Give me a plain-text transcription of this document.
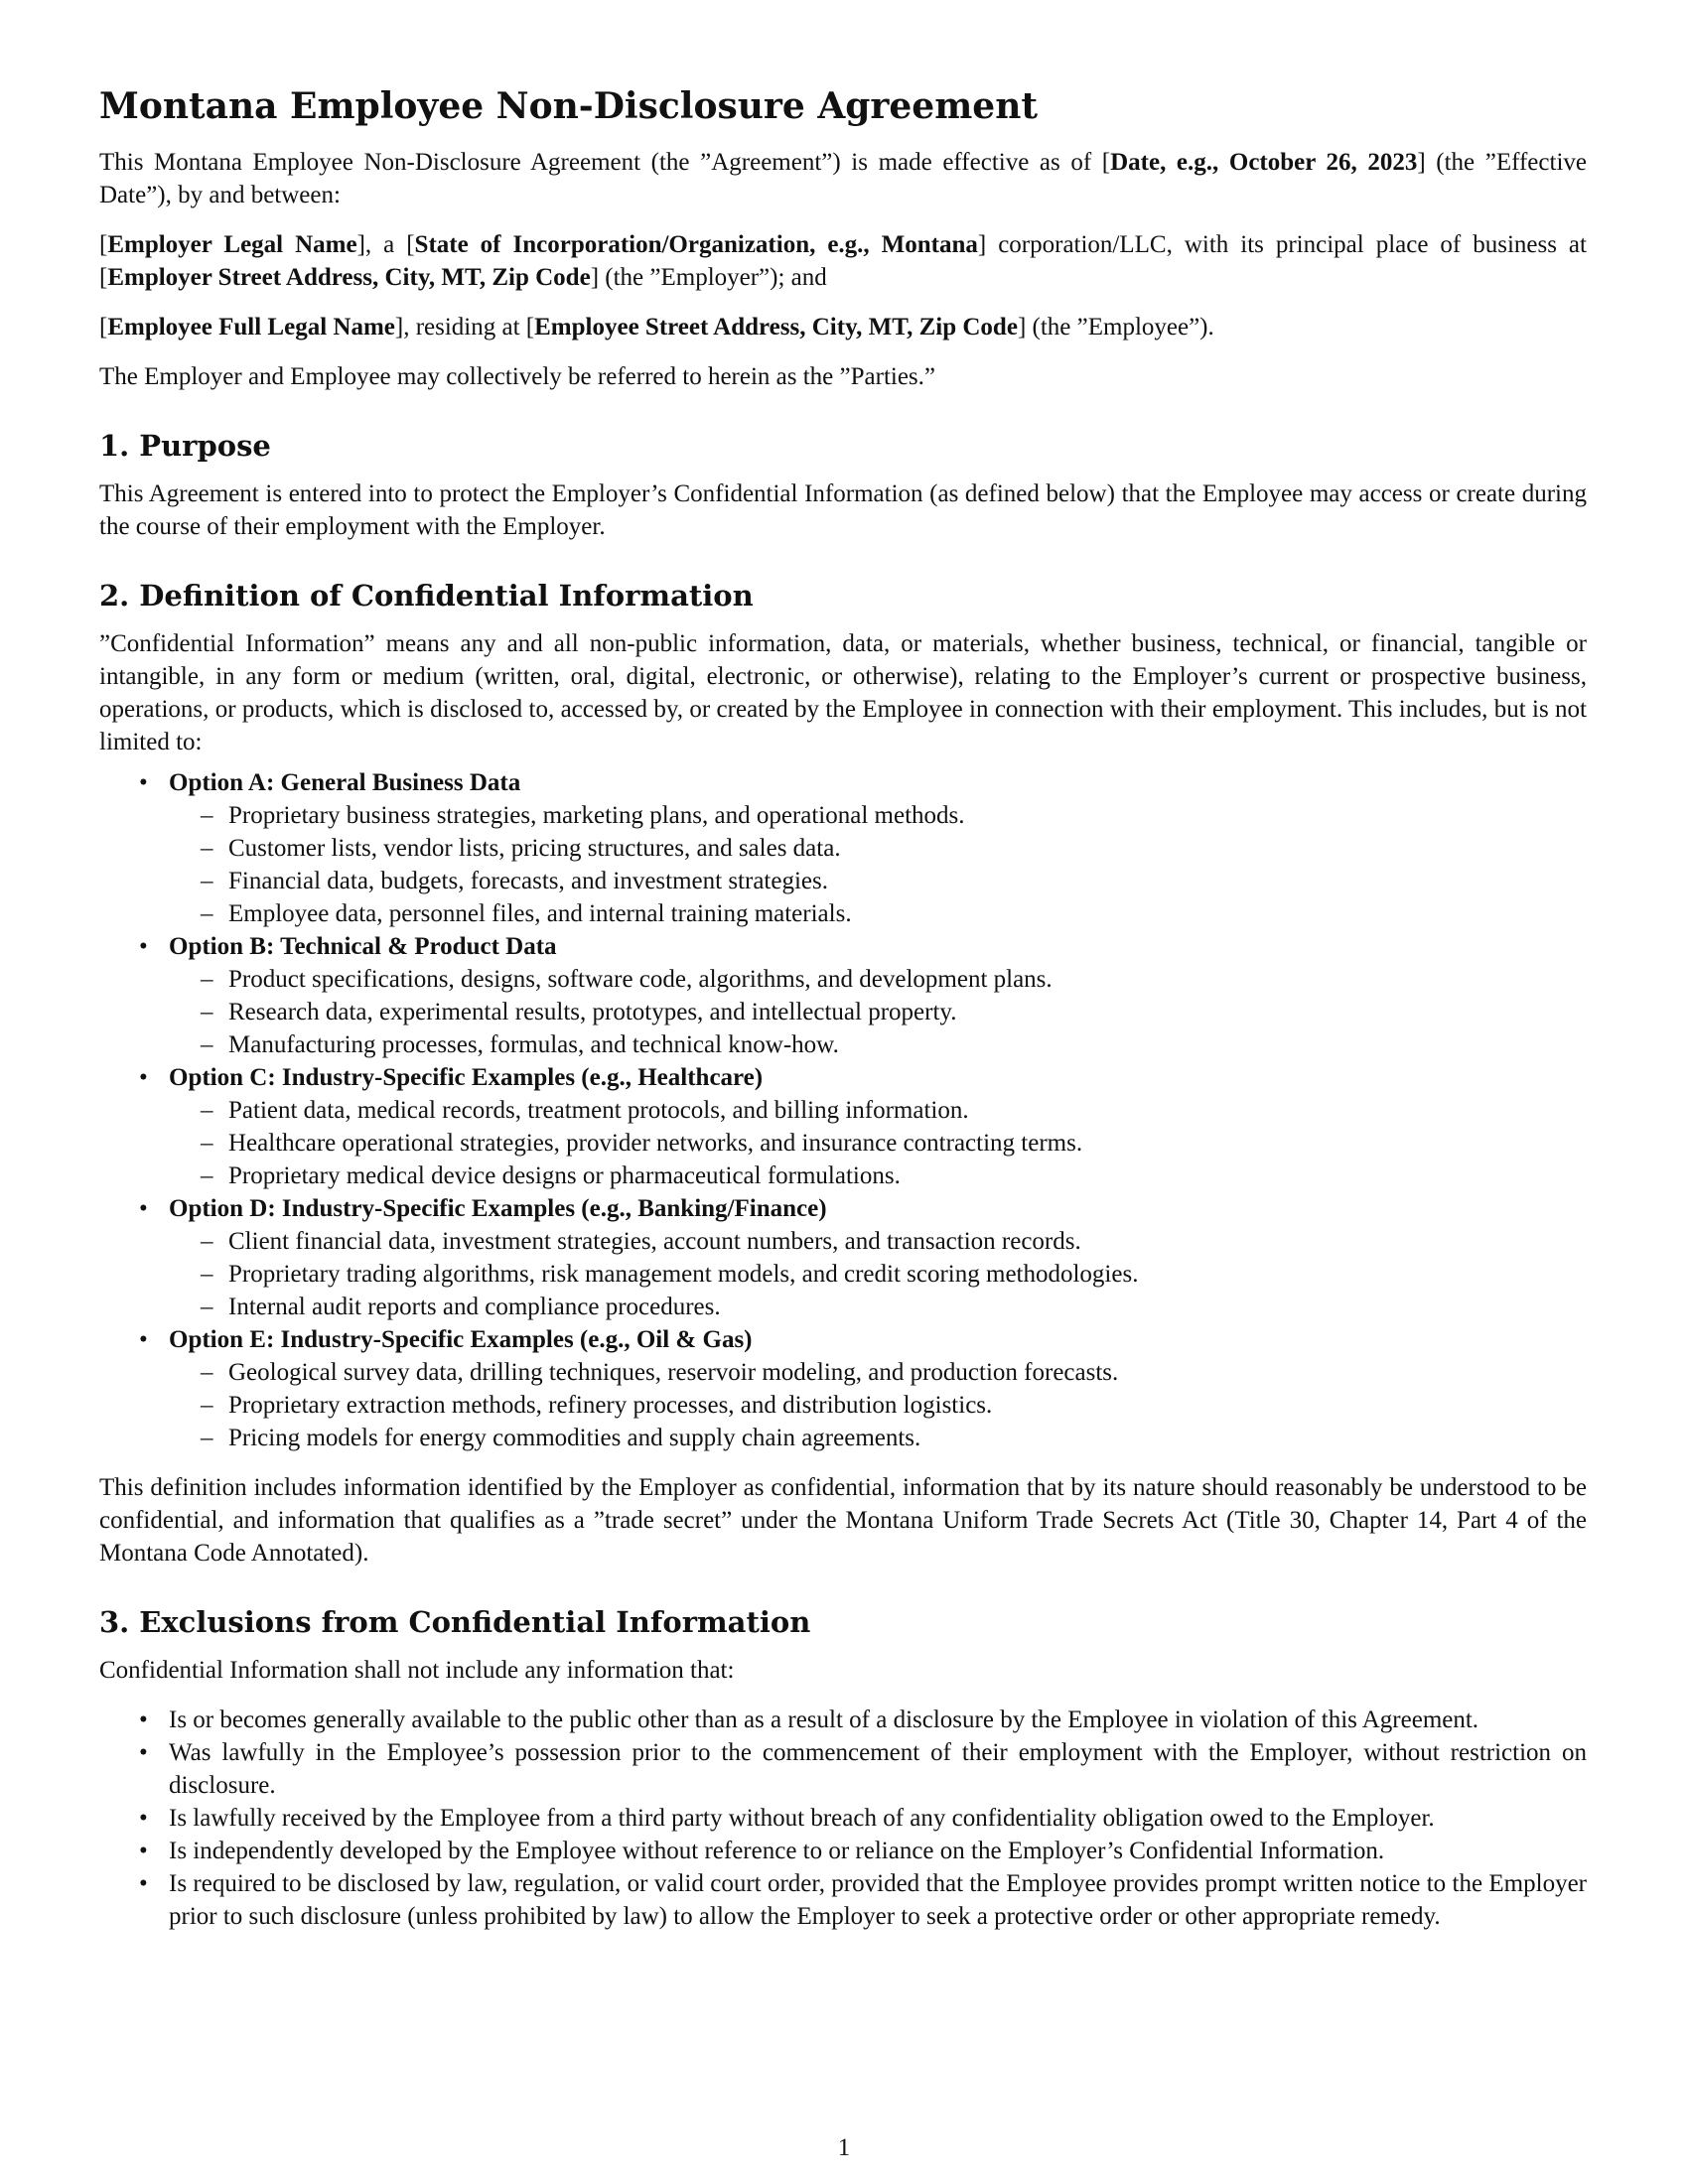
Montana Employee Non-Disclosure Agreement

This Montana Employee Non-Disclosure Agreement (the ”Agreement”) is made effective as of [Date, e.g., October 26, 2023] (the ”Effective Date”), by and between:

[Employer Legal Name], a [State of Incorporation/Organization, e.g., Montana] corporation/LLC, with its principal place of business at [Employer Street Address, City, MT, Zip Code] (the ”Employer”); and

[Employee Full Legal Name], residing at [Employee Street Address, City, MT, Zip Code] (the ”Employee”).

The Employer and Employee may collectively be referred to herein as the ”Parties.”

1. Purpose

This Agreement is entered into to protect the Employer’s Confidential Information (as defined below) that the Employee may access or create during the course of their employment with the Employer.

2. Definition of Confidential Information

”Confidential Information” means any and all non-public information, data, or materials, whether business, technical, or financial, tangible or intangible, in any form or medium (written, oral, digital, electronic, or otherwise), relating to the Employer’s current or prospective business, operations, or products, which is disclosed to, accessed by, or created by the Employee in connection with their employment. This includes, but is not limited to:

• Option A: General Business Data
– Proprietary business strategies, marketing plans, and operational methods.
– Customer lists, vendor lists, pricing structures, and sales data.
– Financial data, budgets, forecasts, and investment strategies.
– Employee data, personnel files, and internal training materials.
• Option B: Technical & Product Data
– Product specifications, designs, software code, algorithms, and development plans.
– Research data, experimental results, prototypes, and intellectual property.
– Manufacturing processes, formulas, and technical know-how.
• Option C: Industry-Specific Examples (e.g., Healthcare)
– Patient data, medical records, treatment protocols, and billing information.
– Healthcare operational strategies, provider networks, and insurance contracting terms.
– Proprietary medical device designs or pharmaceutical formulations.
• Option D: Industry-Specific Examples (e.g., Banking/Finance)
– Client financial data, investment strategies, account numbers, and transaction records.
– Proprietary trading algorithms, risk management models, and credit scoring methodologies.
– Internal audit reports and compliance procedures.
• Option E: Industry-Specific Examples (e.g., Oil & Gas)
– Geological survey data, drilling techniques, reservoir modeling, and production forecasts.
– Proprietary extraction methods, refinery processes, and distribution logistics.
– Pricing models for energy commodities and supply chain agreements.

This definition includes information identified by the Employer as confidential, information that by its nature should reasonably be understood to be confidential, and information that qualifies as a ”trade secret” under the Montana Uniform Trade Secrets Act (Title 30, Chapter 14, Part 4 of the Montana Code Annotated).

3. Exclusions from Confidential Information

Confidential Information shall not include any information that:

• Is or becomes generally available to the public other than as a result of a disclosure by the Employee in violation of this Agreement.
• Was lawfully in the Employee’s possession prior to the commencement of their employment with the Employer, without restriction on disclosure.
• Is lawfully received by the Employee from a third party without breach of any confidentiality obligation owed to the Employer.
• Is independently developed by the Employee without reference to or reliance on the Employer’s Confidential Information.
• Is required to be disclosed by law, regulation, or valid court order, provided that the Employee provides prompt written notice to the Employer prior to such disclosure (unless prohibited by law) to allow the Employer to seek a protective order or other appropriate remedy.
1
